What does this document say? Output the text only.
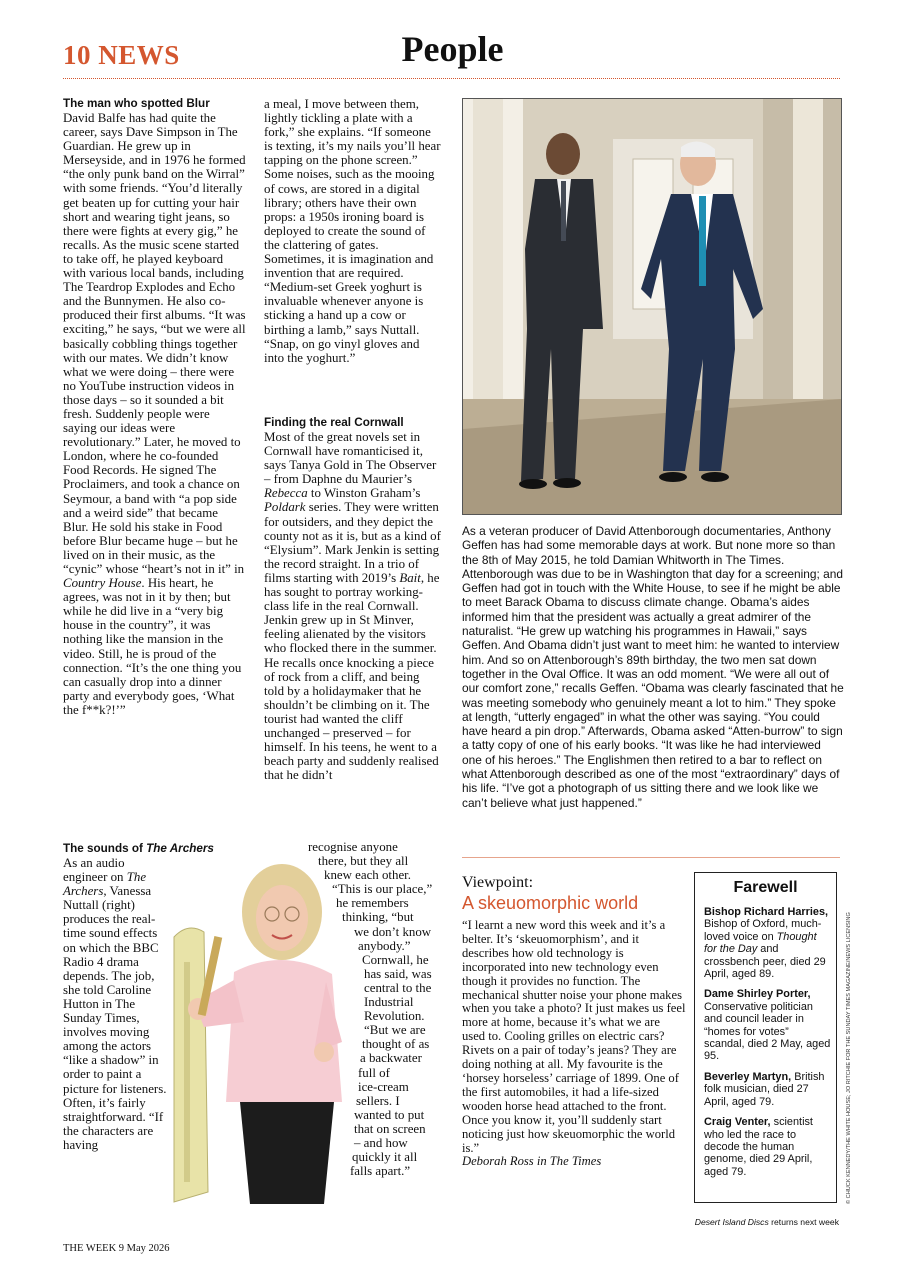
10 NEWS	People
The man who spotted Blur

David Balfe has had quite the career, says Dave Simpson in The Guardian. He grew up in Merseyside, and in 1976 he formed “the only punk band on the Wirral” with some friends. “You’d literally get beaten up for cutting your hair short and wearing tight jeans, so there were fights at every gig,” he recalls. As the music scene started to take off, he played keyboard with various local bands, including The Teardrop Explodes and Echo and the Bunnymen. He also co-produced their first albums. “It was exciting,” he says, “but we were all basically cobbling things together with our mates. We didn’t know what we were doing – there were no YouTube instruction videos in those days – so it sounded a bit fresh. Suddenly people were saying our ideas were revolutionary.” Later, he moved to London, where he co-founded Food Records. He signed The Proclaimers, and took a chance on Seymour, a band with “a pop side and a weird side” that became Blur. He sold his stake in Food before Blur became huge – but he lived on in their music, as the “cynic” whose “heart’s not in it” in Country House. His heart, he agrees, was not in it by then; but while he did live in a “very big house in the country”, it was nothing like the mansion in the video. Still, he is proud of the connection. “It’s the one thing you can casually drop into a dinner party and everybody goes, ‘What the f**k?!’”

The sounds of The Archers

As an audio engineer on The Archers, Vanessa Nuttall (right) produces the real-time sound effects on which the BBC Radio 4 drama depends. The job, she told Caroline Hutton in The Sunday Times, involves moving among the actors “like a shadow” in order to paint a picture for listeners. Often, it’s fairly straightforward. “If the characters are having

a meal, I move between them, lightly tickling a plate with a fork,” she explains. “If someone is texting, it’s my nails you’ll hear tapping on the phone screen.” Some noises, such as the mooing of cows, are stored in a digital library; others have their own props: a 1950s ironing board is deployed to create the sound of the clattering of gates. Sometimes, it is imagination and invention that are required. “Medium-set Greek yoghurt is invaluable whenever anyone is sticking a hand up a cow or birthing a lamb,” says Nuttall. “Snap, on go vinyl gloves and into the yoghurt.”

Finding the real Cornwall

Most of the great novels set in Cornwall have romanticised it, says Tanya Gold in The Observer – from Daphne du Maurier’s Rebecca to Winston Graham’s Poldark series. They were written for outsiders, and they depict the county not as it is, but as a kind of “Elysium”. Mark Jenkin is setting the record straight. In a trio of films starting with 2019’s Bait, he has sought to portray working-class life in the real Cornwall. Jenkin grew up in St Minver, feeling alienated by the visitors who flocked there in the summer. He recalls once knocking a piece of rock from a cliff, and being told by a holidaymaker that he shouldn’t be climbing on it. The tourist had wanted the cliff unchanged – preserved – for himself. In his teens, he went to a beach party and suddenly realised that he didn’t

recognise anyone
there, but they all
knew each other.
“This is our place,”
he remembers
thinking, “but
we don’t know
anybody.”
Cornwall, he
has said, was
central to the
Industrial
Revolution.
“But we are
thought of as
a backwater
full of
ice-cream
sellers. I
wanted to put
that on screen
– and how
quickly it all
falls apart.”

As a veteran producer of David Attenborough documentaries, Anthony Geffen has had some memorable days at work. But none more so than the 8th of May 2015, he told Damian Whitworth in The Times. Attenborough was due to be in Washington that day for a screening; and Geffen had got in touch with the White House, to see if he might be able to meet Barack Obama to discuss climate change. Obama’s aides informed him that the president was actually a great admirer of the naturalist. “He grew up watching his programmes in Hawaii,” says Geffen. And Obama didn’t just want to meet him: he wanted to interview him. And so on Attenborough’s 89th birthday, the two men sat down together in the Oval Office. It was an odd moment. “We were all out of our comfort zone,” recalls Geffen. “Obama was clearly fascinated that he was meeting somebody who genuinely meant a lot to him.” They spoke at length, “utterly engaged” in what the other was saying. “You could have heard a pin drop.” Afterwards, Obama asked “Atten-burrow” to sign a tatty copy of one of his early books. “It was like he had interviewed one of his heroes.” The Englishmen then retired to a bar to reflect on what Attenborough described as one of the most “extraordinary” days of his life. “I’ve got a photograph of us sitting there and we look like we can’t believe what just happened.”

Viewpoint:
A skeuomorphic world
“I learnt a new word this week and it’s a belter. It’s ‘skeuomorphism’, and it describes how old technology is incorporated into new technology even though it provides no function. The mechanical shutter noise your phone makes when you take a photo? It just makes us feel more at home, because it’s what we are used to. Cooling grilles on electric cars? Rivets on a pair of today’s jeans? They are doing nothing at all. My favourite is the ‘horsey horseless’ carriage of 1899. One of the first automobiles, it had a life-sized wooden horse head attached to the front. Once you know it, you’ll suddenly start noticing just how skeuomorphic the world is.”
Deborah Ross in The Times
Farewell

Bishop Richard Harries, Bishop of Oxford, much-loved voice on Thought for the Day and crossbench peer, died 29 April, aged 89.

Dame Shirley Porter, Conservative politician and council leader in “homes for votes” scandal, died 2 May, aged 95.

Beverley Martyn, British folk musician, died 27 April, aged 79.

Craig Venter, scientist who led the race to decode the human genome, died 29 April, aged 79.	© CHUCK KENNEDY/THE WHITE HOUSE; JO RITCHIE FOR THE SUNDAY TIMES MAGAZINE/NEWS LICENSING
Desert Island Discs returns next week
THE WEEK 9 May 2026
